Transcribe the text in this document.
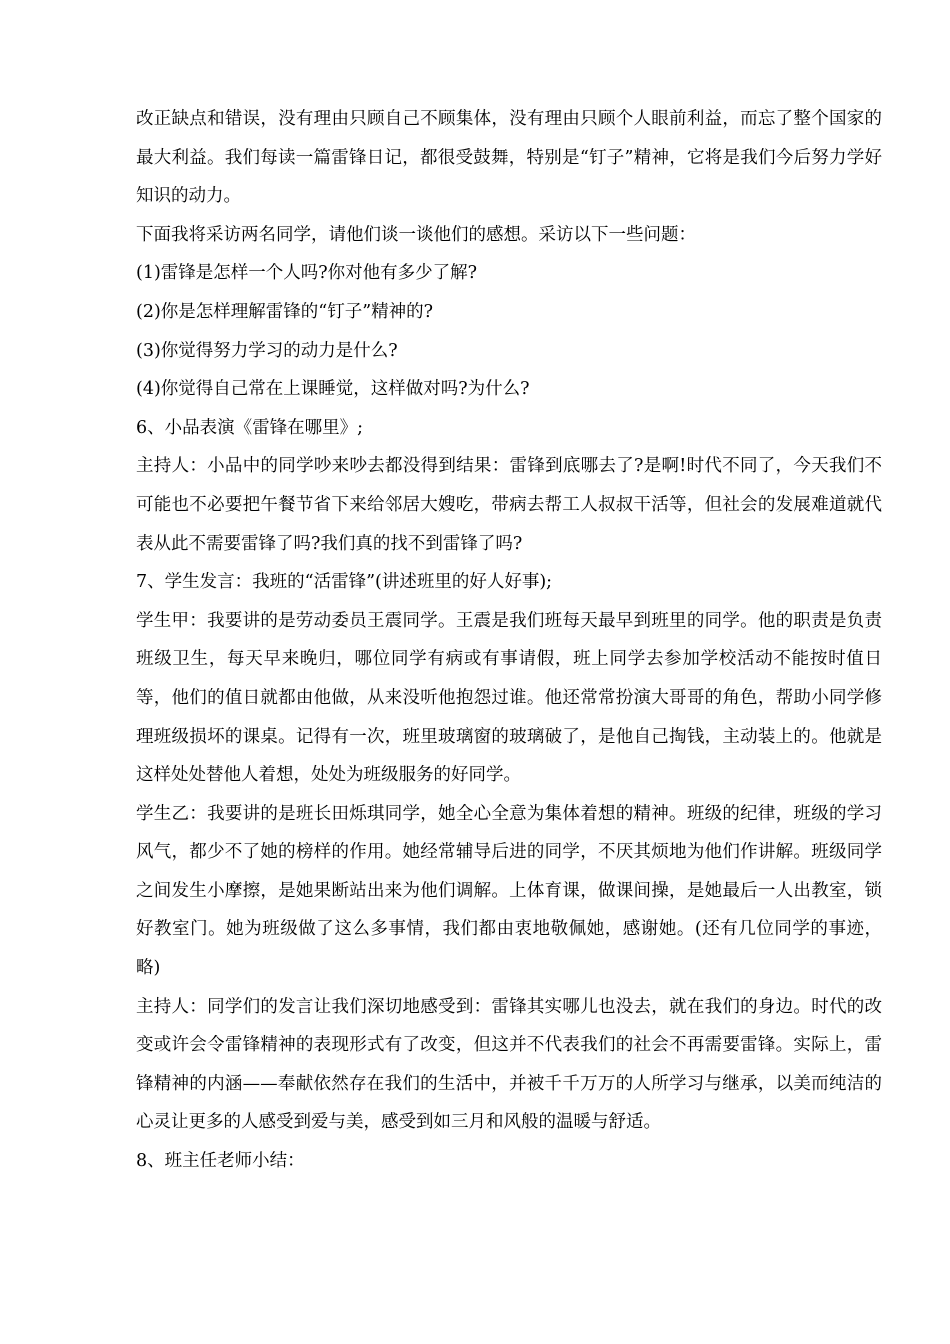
改正缺点和错误，没有理由只顾自己不顾集体，没有理由只顾个人眼前利益，而忘了整个国家的最大利益。我们每读一篇雷锋日记，都很受鼓舞，特别是“钉子”精神，它将是我们今后努力学好知识的动力。

下面我将采访两名同学，请他们谈一谈他们的感想。采访以下一些问题：

(1)雷锋是怎样一个人吗?你对他有多少了解?

(2)你是怎样理解雷锋的“钉子”精神的?

(3)你觉得努力学习的动力是什么?

(4)你觉得自己常在上课睡觉，这样做对吗?为什么?

6、小品表演《雷锋在哪里》;

主持人：小品中的同学吵来吵去都没得到结果：雷锋到底哪去了?是啊!时代不同了，今天我们不可能也不必要把午餐节省下来给邻居大嫂吃，带病去帮工人叔叔干活等，但社会的发展难道就代表从此不需要雷锋了吗?我们真的找不到雷锋了吗?

7、学生发言：我班的“活雷锋”(讲述班里的好人好事);

学生甲：我要讲的是劳动委员王震同学。王震是我们班每天最早到班里的同学。他的职责是负责班级卫生，每天早来晚归，哪位同学有病或有事请假，班上同学去参加学校活动不能按时值日等，他们的值日就都由他做，从来没听他抱怨过谁。他还常常扮演大哥哥的角色，帮助小同学修理班级损坏的课桌。记得有一次，班里玻璃窗的玻璃破了，是他自己掏钱，主动装上的。他就是这样处处替他人着想，处处为班级服务的好同学。

学生乙：我要讲的是班长田烁琪同学，她全心全意为集体着想的精神。班级的纪律，班级的学习风气，都少不了她的榜样的作用。她经常辅导后进的同学，不厌其烦地为他们作讲解。班级同学之间发生小摩擦，是她果断站出来为他们调解。上体育课，做课间操，是她最后一人出教室，锁好教室门。她为班级做了这么多事情，我们都由衷地敬佩她，感谢她。(还有几位同学的事迹，略)

主持人：同学们的发言让我们深切地感受到：雷锋其实哪儿也没去，就在我们的身边。时代的改变或许会令雷锋精神的表现形式有了改变，但这并不代表我们的社会不再需要雷锋。实际上，雷锋精神的内涵——奉献依然存在我们的生活中，并被千千万万的人所学习与继承，以美而纯洁的心灵让更多的人感受到爱与美，感受到如三月和风般的温暖与舒适。

8、班主任老师小结：
